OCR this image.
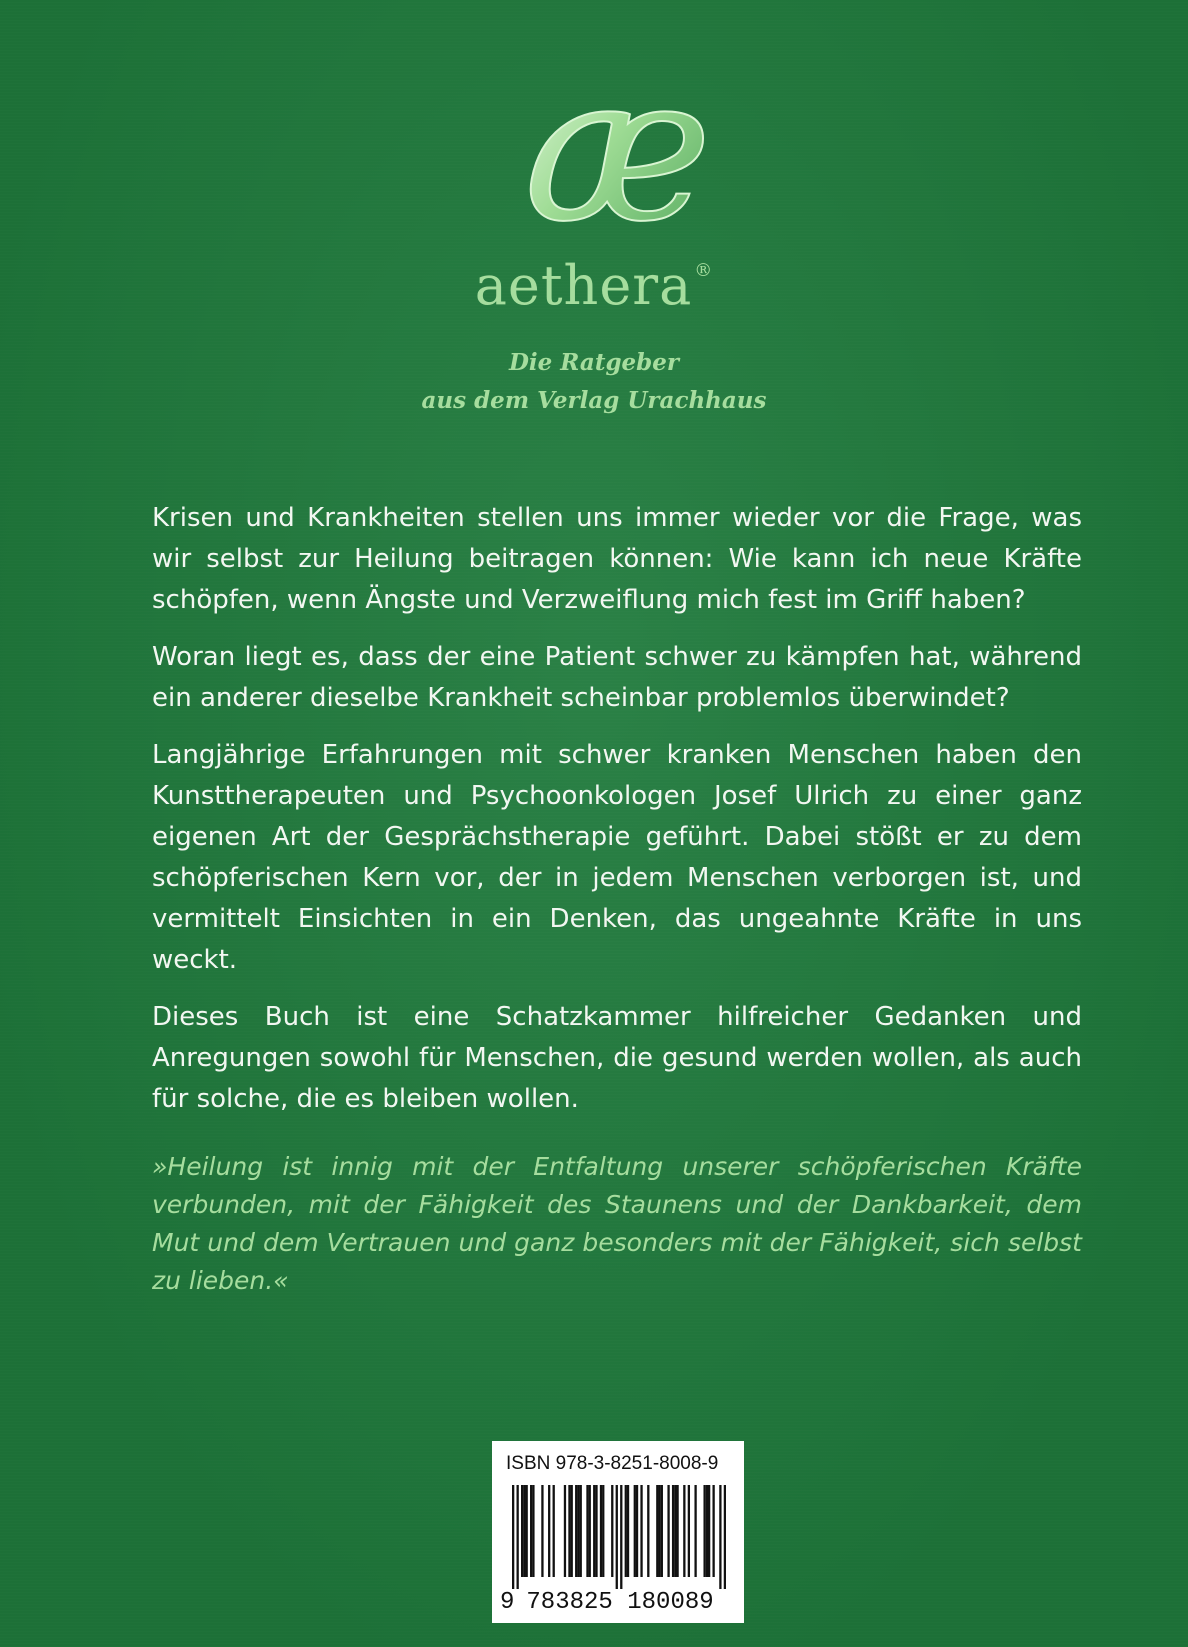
æ
aethera ®
Die Ratgeber
aus dem Verlag Urachhaus

Krisen und Krankheiten stellen uns immer wieder vor die Frage, was wir selbst zur Heilung beitragen können: Wie kann ich neue Kräfte schöpfen, wenn Ängste und Verzweiflung mich fest im Griff haben?

Woran liegt es, dass der eine Patient schwer zu kämpfen hat, während ein anderer dieselbe Krankheit scheinbar problemlos überwindet?

Langjährige Erfahrungen mit schwer kranken Menschen haben den Kunsttherapeuten und Psychoonkologen Josef Ulrich zu einer ganz eigenen Art der Gesprächstherapie geführt. Dabei stößt er zu dem schöpferischen Kern vor, der in jedem Menschen verborgen ist, und vermittelt Einsichten in ein Denken, das ungeahnte Kräfte in uns weckt.

Dieses Buch ist eine Schatzkammer hilfreicher Gedanken und Anregungen sowohl für Menschen, die gesund werden wollen, als auch für solche, die es bleiben wollen.

»Heilung ist innig mit der Entfaltung unserer schöpferischen Kräfte verbunden, mit der Fähigkeit des Staunens und der Dankbarkeit, dem Mut und dem Vertrauen und ganz besonders mit der Fähigkeit, sich selbst zu lieben.«
ISBN 978-3-8251-8008-9
9 783825 180089
